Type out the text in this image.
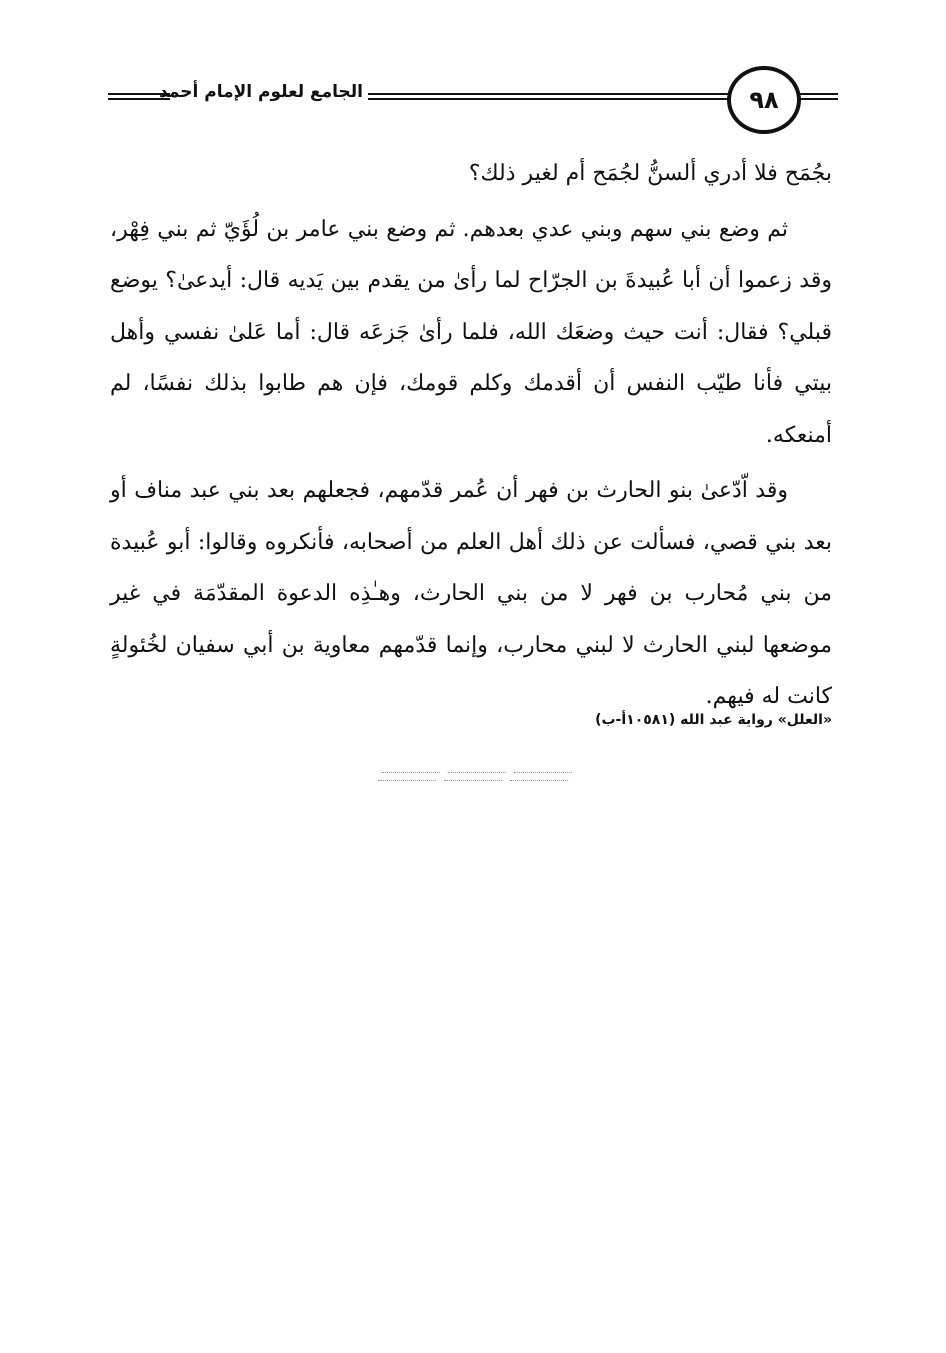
الجامع لعلوم الإمام أحمد	٩٨

بجُمَح فلا أدري ألسنُّ لجُمَح أم لغير ذلك؟

ثم وضع بني سهم وبني عدي بعدهم. ثم وضع بني عامر بن لُؤَيّ ثم بني فِهْر، وقد زعموا أن أبا عُبيدةَ بن الجرّاح لما رأىٰ من يقدم بين يَديه قال: أيدعىٰ؟ يوضع قبلي؟ فقال: أنت حيث وضعَك الله، فلما رأىٰ جَزعَه قال: أما عَلىٰ نفسي وأهل بيتي فأنا طيّب النفس أن أقدمك وكلم قومك، فإن هم طابوا بذلك نفسًا، لم أمنعكه.

وقد اّدّعىٰ بنو الحارث بن فهر أن عُمر قدّمهم، فجعلهم بعد بني عبد مناف أو بعد بني قصي، فسألت عن ذلك أهل العلم من أصحابه، فأنكروه وقالوا: أبو عُبيدة من بني مُحارب بن فهر لا من بني الحارث، وهـٰذِه الدعوة المقدّمَة في غير موضعها لبني الحارث لا لبني محارب، وإنما قدّمهم معاوية بن أبي سفيان لخُئولةٍ كانت له فيهم.

«العلل» رواية عبد الله (١٠٥٨١أ-ب)
